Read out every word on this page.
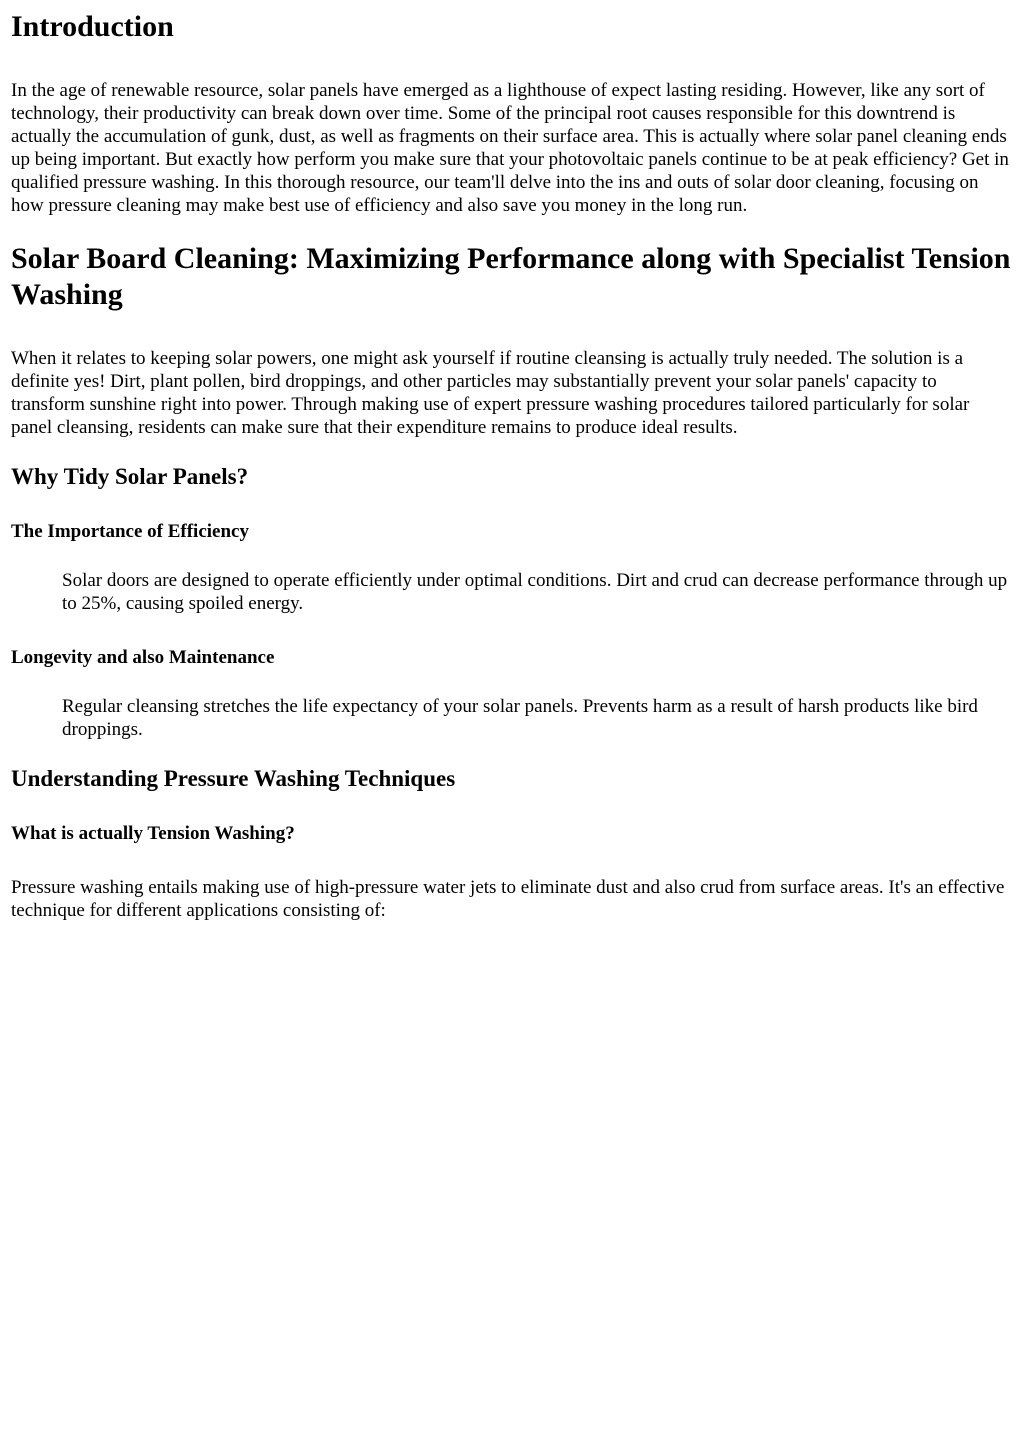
Introduction

In the age of renewable resource, solar panels have emerged as a lighthouse of expect lasting residing. However, like any sort of technology, their productivity can break down over time. Some of the principal root causes responsible for this downtrend is actually the accumulation of gunk, dust, as well as fragments on their surface area. This is actually where solar panel cleaning ends up being important. But exactly how perform you make sure that your photovoltaic panels continue to be at peak efficiency? Get in qualified pressure washing. In this thorough resource, our team'll delve into the ins and outs of solar door cleaning, focusing on how pressure cleaning may make best use of efficiency and also save you money in the long run.

Solar Board Cleaning: Maximizing Performance along with Specialist Tension Washing

When it relates to keeping solar powers, one might ask yourself if routine cleansing is actually truly needed. The solution is a definite yes! Dirt, plant pollen, bird droppings, and other particles may substantially prevent your solar panels' capacity to transform sunshine right into power. Through making use of expert pressure washing procedures tailored particularly for solar panel cleansing, residents can make sure that their expenditure remains to produce ideal results.

Why Tidy Solar Panels?
The Importance of Efficiency
Solar doors are designed to operate efficiently under optimal conditions. Dirt and crud can decrease performance through up to 25%, causing spoiled energy.
Longevity and also Maintenance
Regular cleansing stretches the life expectancy of your solar panels. Prevents harm as a result of harsh products like bird droppings.
Understanding Pressure Washing Techniques
What is actually Tension Washing?

Pressure washing entails making use of high-pressure water jets to eliminate dust and also crud from surface areas. It's an effective technique for different applications consisting of:
